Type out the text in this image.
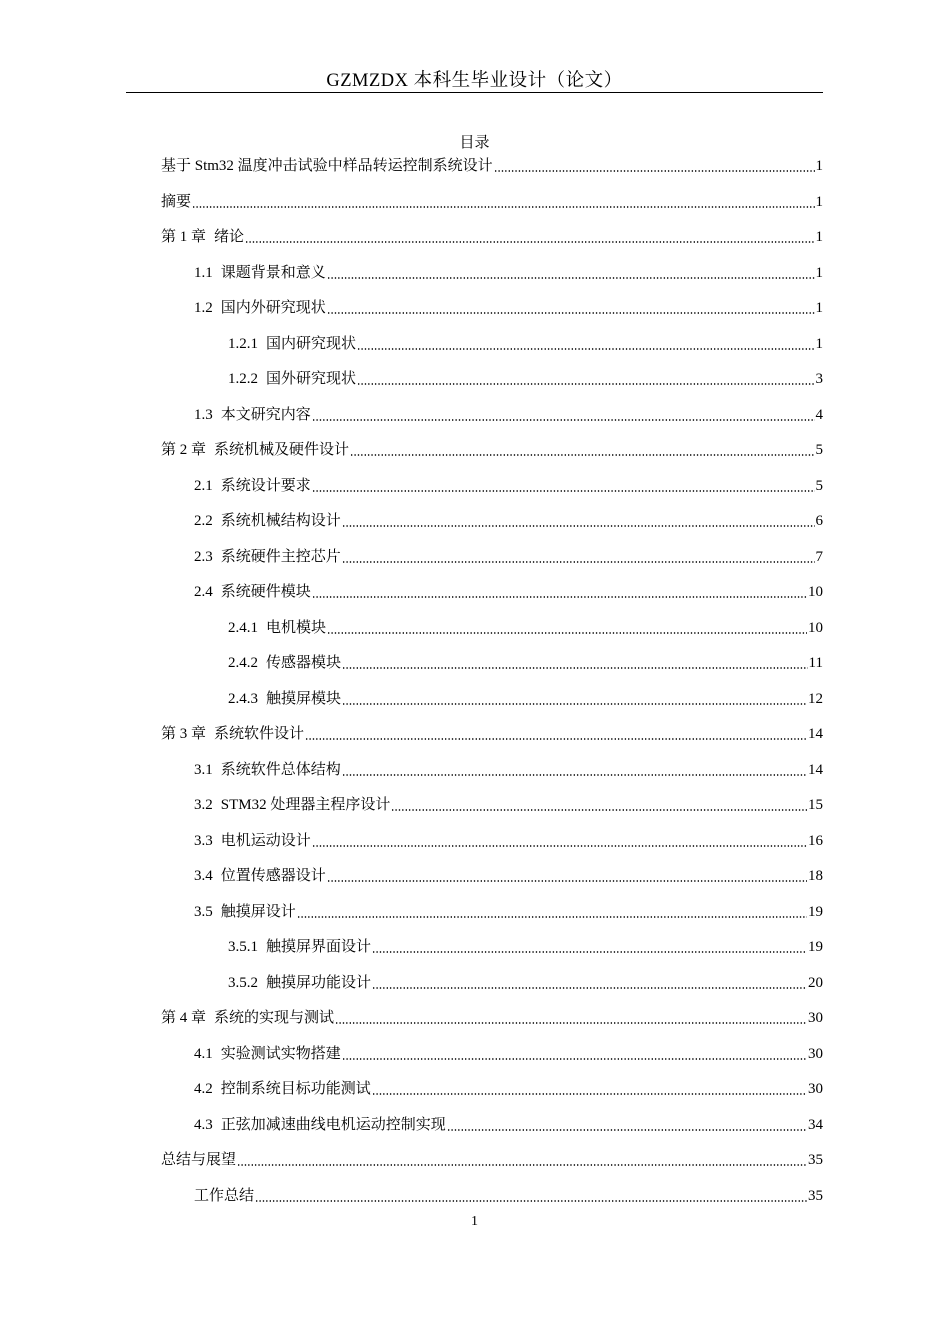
GZMZDX 本科生毕业设计（论文）
目录
基于 Stm32 温度冲击试验中样品转运控制系统设计	1
摘要	1
第 1 章 绪论	1
1.1 课题背景和意义	1
1.2 国内外研究现状	1
1.2.1 国内研究现状	1
1.2.2 国外研究现状	3
1.3 本文研究内容	4
第 2 章 系统机械及硬件设计	5
2.1 系统设计要求	5
2.2 系统机械结构设计	6
2.3 系统硬件主控芯片	7
2.4 系统硬件模块	10
2.4.1 电机模块	10
2.4.2 传感器模块	11
2.4.3 触摸屏模块	12
第 3 章 系统软件设计	14
3.1 系统软件总体结构	14
3.2 STM32 处理器主程序设计	15
3.3 电机运动设计	16
3.4 位置传感器设计	18
3.5 触摸屏设计	19
3.5.1 触摸屏界面设计	19
3.5.2 触摸屏功能设计	20
第 4 章 系统的实现与测试	30
4.1 实验测试实物搭建	30
4.2 控制系统目标功能测试	30
4.3 正弦加减速曲线电机运动控制实现	34
总结与展望	35
工作总结	35
1
